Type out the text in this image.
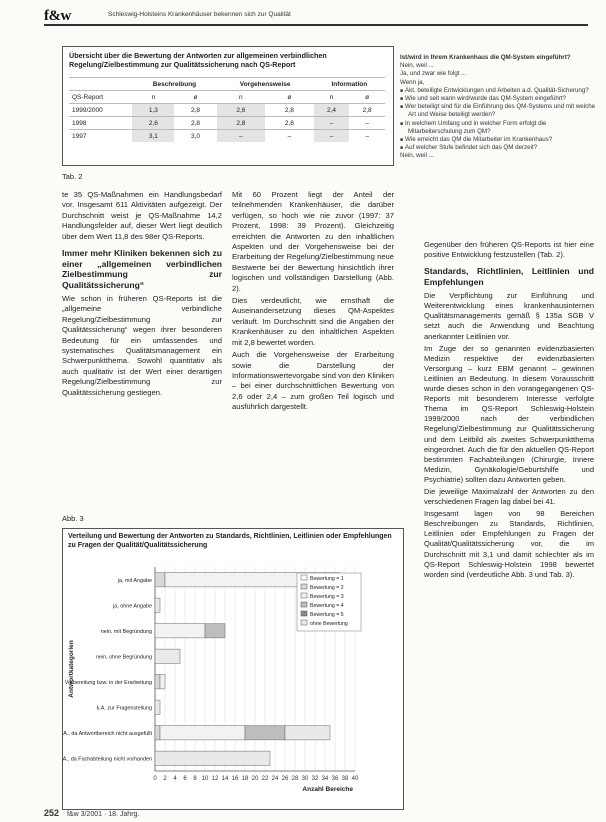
f&w	Schleswig-Holsteins Krankenhäuser bekennen sich zur Qualität
Übersicht über die Bewertung der Antworten zur allgemeinen verbindlichen Regelung/Zielbestimmung zur Qualitätssicherung nach QS-Report
	Beschreibung		Vorgehensweise		Information	
QS-Report	n	ø	n	ø	n	ø
1999/2000	1,3	2,8	2,6	2,8	2,4	2,8
1998	2,6	2,8	2,8	2,8	–	–
1997	3,1	3,0	–	–	–	–
Tab. 2
Ist/wird in Ihrem Krankenhaus die QM-System eingeführt?
Nein, weil ...
Ja, und zwar wie folgt ...
Wenn ja,
■ Akt. beteiligte Entwicklungen und Arbeiten a.d. Qualität-Sicherung?
■ Wie und seit wann wird/wurde das QM-System eingeführt?
■ Wer beteiligt sind für die Einführung des QM-Systems und mit welche Art und Weise beteiligt werden?
■ In welchem Umfang und in welcher Form erfolgt die Mitarbeiterschulung zum QM?
■ Wie erreicht das QM die Mitarbeiter im Krankenhaus?
■ Auf welcher Stufe befindet sich das QM derzeit?
Nein, weil ...

te 35 QS-Maßnahmen ein Handlungsbedarf vor. Insgesamt 611 Aktivitäten aufgezeigt. Der Durchschnitt weist je QS-Maßnahme 14,2 Handlungsfelder auf, dieser Wert liegt deutlich über dem Wert 11,8 des 98er QS-Reports.

Immer mehr Kliniken bekennen sich zu einer „allgemeinen verbindlichen Zielbestimmung zur Qualitätssicherung“

Wie schon in früheren QS-Reports ist die „allgemeine verbindliche Regelung/Zielbestimmung zur Qualitätssicherung“ wegen ihrer besonderen Bedeutung für ein umfassendes und systematisches Qualitätsmanagement ein Schwerpunktthema. Sowohl quantitativ als auch qualitativ ist der Wert einer derartigen Regelung/Zielbestimmung zur Qualitätssicherung gestiegen.

Mit 60 Prozent liegt der Anteil der teilnehmenden Krankenhäuser, die darüber verfügen, so hoch wie nie zuvor (1997: 37 Prozent, 1998: 39 Prozent). Gleichzeitig erreichten die Antworten zu den inhaltlichen Aspekten und der Vorgehensweise bei der Erarbeitung der Regelung/Zielbestimmung neue Bestwerte bei der Bewertung hinsichtlich ihrer logischen und vollständigen Darstellung (Abb. 2).

Dies verdeutlicht, wie ernsthaft die Auseinandersetzung dieses QM-Aspektes verläuft. Im Durchschnitt sind die Angaben der Krankenhäuser zu den inhaltlichen Aspekten mit 2,8 bewertet worden.

Auch die Vorgehensweise der Erarbeitung sowie die Darstellung der Informationswertevorgabe sind von den Kliniken – bei einer durchschnittlichen Bewertung von 2,6 oder 2,4 – zum großen Teil logisch und ausführlich dargestellt.

Gegenüber den früheren QS-Reports ist hier eine positive Entwicklung festzustellen (Tab. 2).

Standards, Richtlinien, Leitlinien und Empfehlungen

Die Verpflichtung zur Einführung und Weiterentwicklung eines krankenhausinternen Qualitätsmanagements gemäß § 135a SGB V setzt auch die Anwendung und Beachtung anerkannter Leitlinien vor.

Im Zuge der so genannten evidenzbasierten Medizin respektive der evidenzbasierten Versorgung – kurz EBM genannt – gewinnen Leitlinien an Bedeutung. In diesem Vorausschritt wurde dieses schon in den vorangegangenen QS-Reports mit besonderem Interesse verfolgte Thema im QS-Report Schleswig-Holstein 1999/2000 nach der verbindlichen Regelung/Zielbestimmung zur Qualitätssicherung und dem Leitbild als zweites Schwerpunktthema eingeordnet. Auch die für den aktuellen QS-Report bestimmten Fachabteilungen (Chirurgie, Innere Medizin, Gynäkologie/Geburtshilfe und Psychiatrie) sollten dazu Antworten geben.

Die jeweilige Maximalzahl der Antworten zu den verschiedenen Fragen lag dabei bei 41.

Insgesamt lagen von 98 Bereichen Beschreibungen zu Standards, Richtlinien, Leitlinien oder Empfehlungen zu Fragen der Qualität/Qualitätssicherung vor, die im Durchschnitt mit 3,1 und damit schlechter als im QS-Report Schleswig-Holstein 1998 bewertet worden sind (verdeutliche Abb. 3 und Tab. 3).

Abb. 3
Verteilung und Bewertung der Antworten zu Standards, Richtlinien, Leitlinien oder Empfehlungen zu Fragen der Qualität/Qualitätssicherung
0 2 4 6 8 10 12 14 16 18 20 22 24 26 28 30 32 34 36 38 40
Anzahl Bereiche
Antwortkategorien
ja, mit Angabe
ja, ohne Angabe
nein, mit Begründung
nein, ohne Begründung
Vorbereitung bzw. in der Erarbeitung
k.A. zur Fragenstellung
k.A., da Antwortbereich nicht ausgefüllt
k.A., da Fachabteilung nicht vorhanden
Bewertung = 1
Bewertung = 2
Bewertung = 3
Bewertung = 4
Bewertung = 5
ohne Bewertung
252 f&w 3/2001 · 18. Jahrg.
